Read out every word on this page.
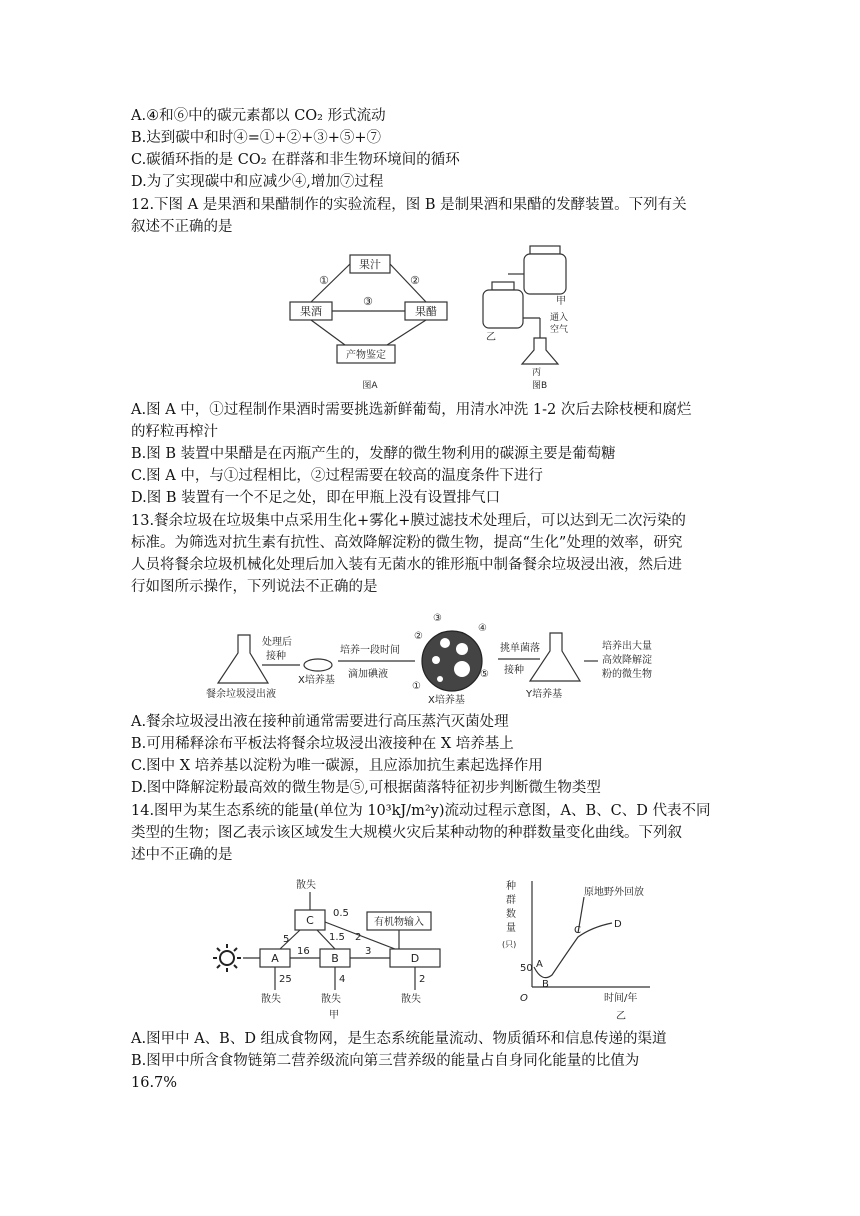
A.④和⑥中的碳元素都以 CO₂ 形式流动
B.达到碳中和时④=①+②+③+⑤+⑦
C.碳循环指的是 CO₂ 在群落和非生物环境间的循环
D.为了实现碳中和应减少④,增加⑦过程
12.下图 A 是果酒和果醋制作的实验流程，图 B 是制果酒和果醋的发酵装置。下列有关
叙述不正确的是
果汁
果酒	果醋
产物鉴定
①	②
③
图A
甲
乙
通入
空气
丙
图B
A.图 A 中，①过程制作果酒时需要挑选新鲜葡萄，用清水冲洗 1-2 次后去除枝梗和腐烂
的籽粒再榨汁
B.图 B 装置中果醋是在丙瓶产生的，发酵的微生物利用的碳源主要是葡萄糖
C.图 A 中，与①过程相比，②过程需要在较高的温度条件下进行
D.图 B 装置有一个不足之处，即在甲瓶上没有设置排气口
13.餐余垃圾在垃圾集中点采用生化+雾化+膜过滤技术处理后，可以达到无二次污染的
标准。为筛选对抗生素有抗性、高效降解淀粉的微生物，提高“生化”处理的效率，研究
人员将餐余垃圾机械化处理后加入装有无菌水的锥形瓶中制备餐余垃圾浸出液，然后进
行如图所示操作，下列说法不正确的是
餐余垃圾浸出液
处理后
接种
X培养基
培养一段时间
滴加碘液
③
④
②
⑤
①
X培养基
挑单菌落
接种
Y培养基
培养出大量
高效降解淀
粉的微生物
A.餐余垃圾浸出液在接种前通常需要进行高压蒸汽灭菌处理
B.可用稀释涂布平板法将餐余垃圾浸出液接种在 X 培养基上
C.图中 X 培养基以淀粉为唯一碳源，且应添加抗生素起选择作用
D.图中降解淀粉最高效的微生物是⑤,可根据菌落特征初步判断微生物类型
14.图甲为某生态系统的能量(单位为 10³kJ/m²y)流动过程示意图，A、B、C、D 代表不同
类型的生物；图乙表示该区域发生大规模火灾后某种动物的种群数量变化曲线。下列叙
述中不正确的是
A	B	D
C	有机物输入
散失
16	3
5	1.5 2
0.5
25
散失
4
散失
2
散失
甲
种
群
数
量
(只)
O
50 A
B
C
D
原地野外回放
时间/年
乙
A.图甲中 A、B、D 组成食物网，是生态系统能量流动、物质循环和信息传递的渠道
B.图甲中所含食物链第二营养级流向第三营养级的能量占自身同化能量的比值为
16.7%
